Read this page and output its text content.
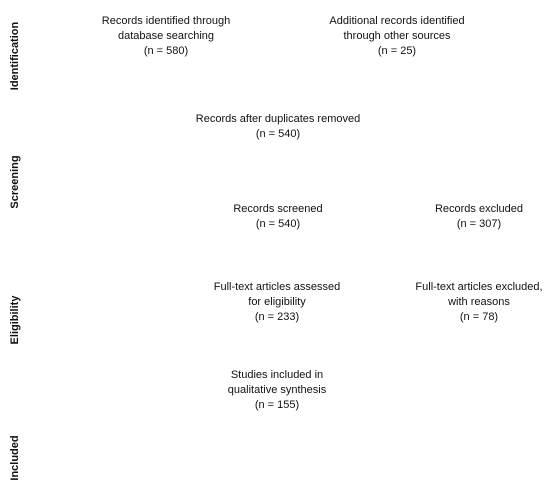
Identification
Screening
Eligibility
Included
Records identified through
database searching
(n = 580)
Additional records identified
through other sources
(n = 25)
Records after duplicates removed
(n = 540)
Records screened
(n = 540)
Records excluded
(n = 307)
Full-text articles assessed
for eligibility
(n = 233)
Full-text articles excluded,
with reasons
(n = 78)
Studies included in
qualitative synthesis
(n = 155)
